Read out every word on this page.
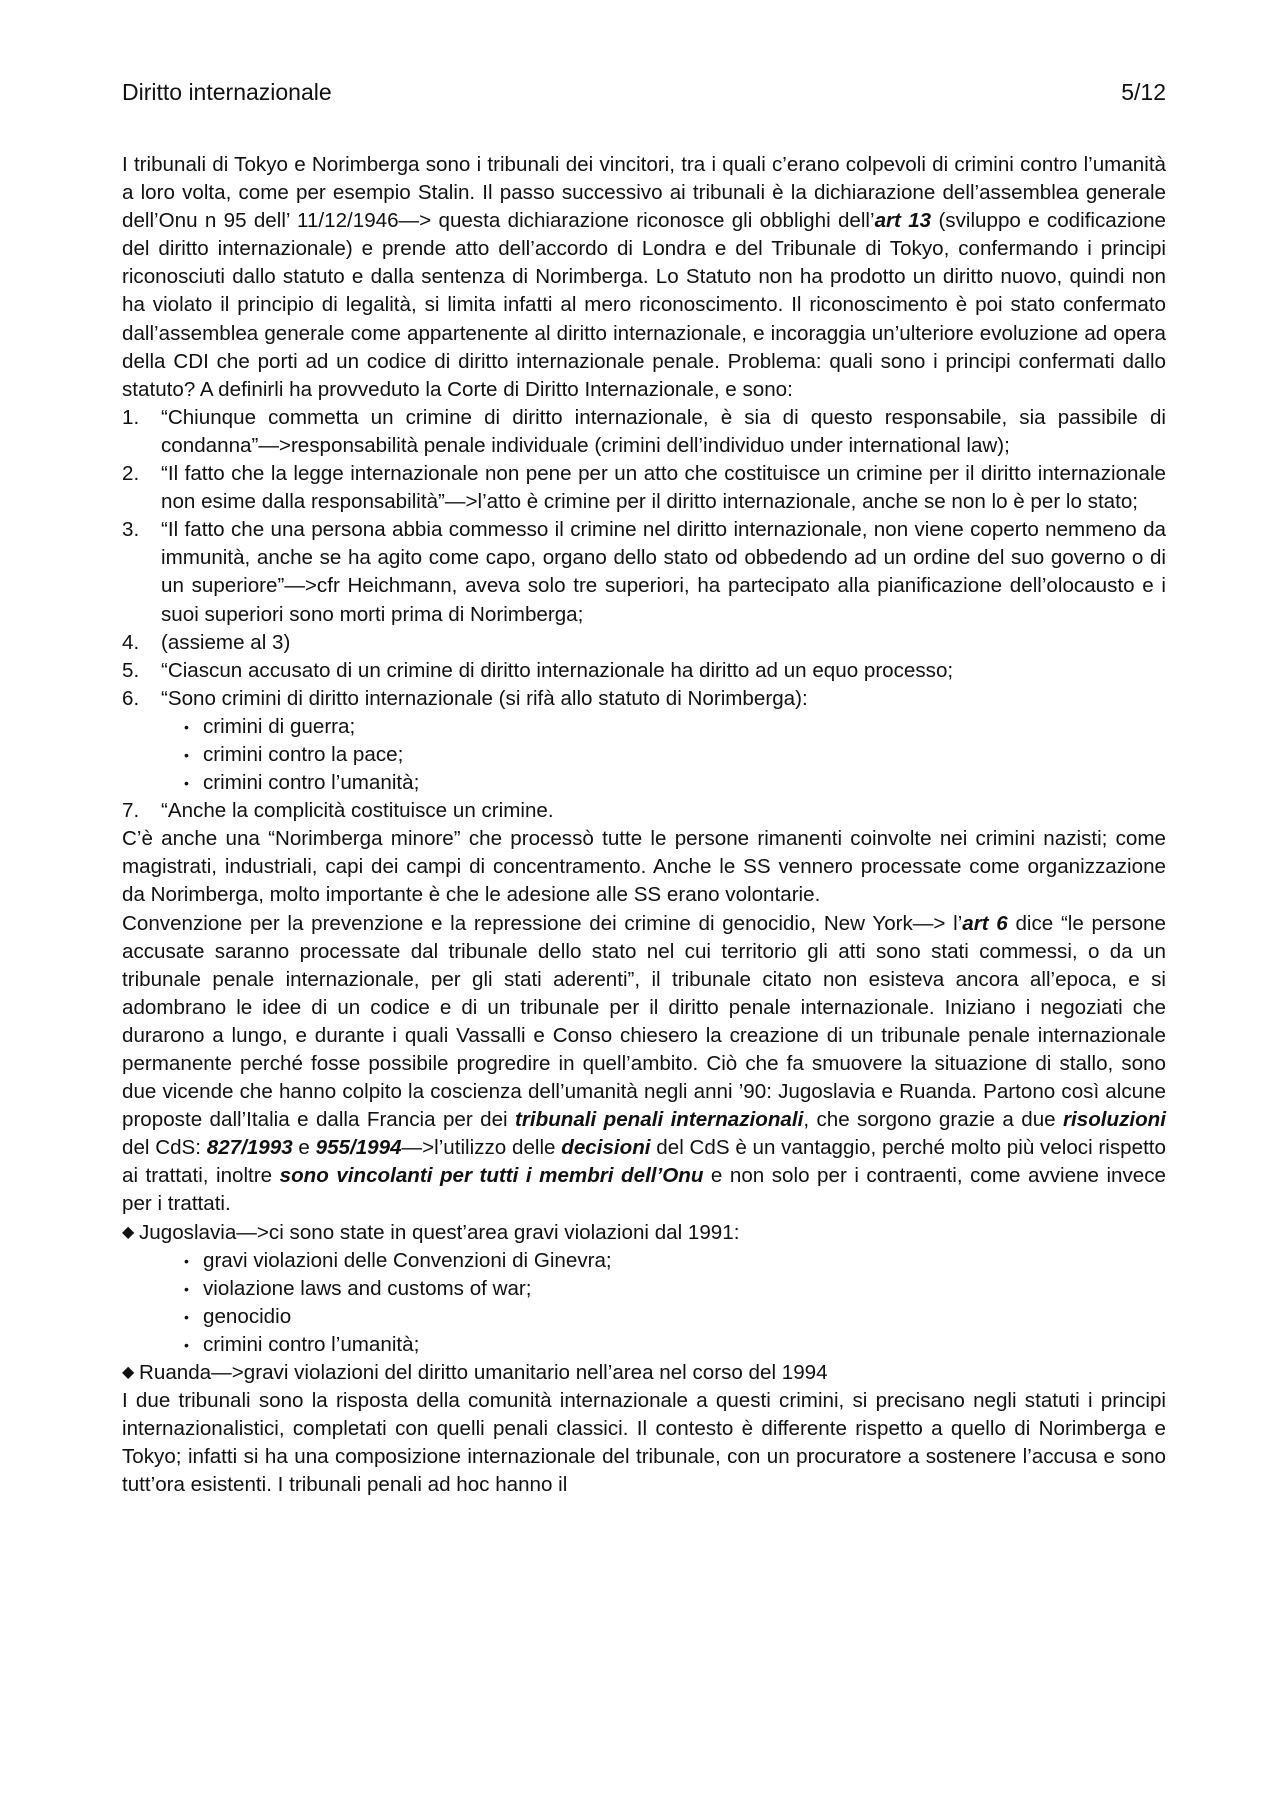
Diritto internazionale	5/12

I tribunali di Tokyo e Norimberga sono i tribunali dei vincitori, tra i quali c’erano colpevoli di crimini contro l’umanità a loro volta, come per esempio Stalin. Il passo successivo ai tribunali è la dichiarazione dell’assemblea generale dell’Onu n 95 dell’ 11/12/1946—> questa dichiarazione riconosce gli obblighi dell’art 13 (sviluppo e codificazione del diritto internazionale) e prende atto dell’accordo di Londra e del Tribunale di Tokyo, confermando i principi riconosciuti dallo statuto e dalla sentenza di Norimberga. Lo Statuto non ha prodotto un diritto nuovo, quindi non ha violato il principio di legalità, si limita infatti al mero riconoscimento. Il riconoscimento è poi stato confermato dall’assemblea generale come appartenente al diritto internazionale, e incoraggia un’ulteriore evoluzione ad opera della CDI che porti ad un codice di diritto internazionale penale. Problema: quali sono i principi confermati dallo statuto? A definirli ha provveduto la Corte di Diritto Internazionale, e sono:

1. “Chiunque commetta un crimine di diritto internazionale, è sia di questo responsabile, sia passibile di condanna”—>responsabilità penale individuale (crimini dell’individuo under international law);
2. “Il fatto che la legge internazionale non pene per un atto che costituisce un crimine per il diritto internazionale non esime dalla responsabilità”—>l’atto è crimine per il diritto internazionale, anche se non lo è per lo stato;
3. “Il fatto che una persona abbia commesso il crimine nel diritto internazionale, non viene coperto nemmeno da immunità, anche se ha agito come capo, organo dello stato od obbedendo ad un ordine del suo governo o di un superiore”—>cfr Heichmann, aveva solo tre superiori, ha partecipato alla pianificazione dell’olocausto e i suoi superiori sono morti prima di Norimberga;
4. (assieme al 3)
5. “Ciascun accusato di un crimine di diritto internazionale ha diritto ad un equo processo;
6. “Sono crimini di diritto internazionale (si rifà allo statuto di Norimberga):
• crimini di guerra;
• crimini contro la pace;
• crimini contro l’umanità;
7. “Anche la complicità costituisce un crimine.

C’è anche una “Norimberga minore” che processò tutte le persone rimanenti coinvolte nei crimini nazisti; come magistrati, industriali, capi dei campi di concentramento. Anche le SS vennero processate come organizzazione da Norimberga, molto importante è che le adesione alle SS erano volontarie.

Convenzione per la prevenzione e la repressione dei crimine di genocidio, New York—> l’art 6 dice “le persone accusate saranno processate dal tribunale dello stato nel cui territorio gli atti sono stati commessi, o da un tribunale penale internazionale, per gli stati aderenti”, il tribunale citato non esisteva ancora all’epoca, e si adombrano le idee di un codice e di un tribunale per il diritto penale internazionale. Iniziano i negoziati che durarono a lungo, e durante i quali Vassalli e Conso chiesero la creazione di un tribunale penale internazionale permanente perché fosse possibile progredire in quell’ambito. Ciò che fa smuovere la situazione di stallo, sono due vicende che hanno colpito la coscienza dell’umanità negli anni ’90: Jugoslavia e Ruanda. Partono così alcune proposte dall’Italia e dalla Francia per dei tribunali penali internazionali, che sorgono grazie a due risoluzioni del CdS: 827/1993 e 955/1994—>l’utilizzo delle decisioni del CdS è un vantaggio, perché molto più veloci rispetto ai trattati, inoltre sono vincolanti per tutti i membri dell’Onu e non solo per i contraenti, come avviene invece per i trattati.

◆ Jugoslavia—>ci sono state in quest’area gravi violazioni dal 1991:
• gravi violazioni delle Convenzioni di Ginevra;
• violazione laws and customs of war;
• genocidio
• crimini contro l’umanità;
◆ Ruanda—>gravi violazioni del diritto umanitario nell’area nel corso del 1994

I due tribunali sono la risposta della comunità internazionale a questi crimini, si precisano negli statuti i principi internazionalistici, completati con quelli penali classici. Il contesto è differente rispetto a quello di Norimberga e Tokyo; infatti si ha una composizione internazionale del tribunale, con un procuratore a sostenere l’accusa e sono tutt’ora esistenti. I tribunali penali ad hoc hanno il
